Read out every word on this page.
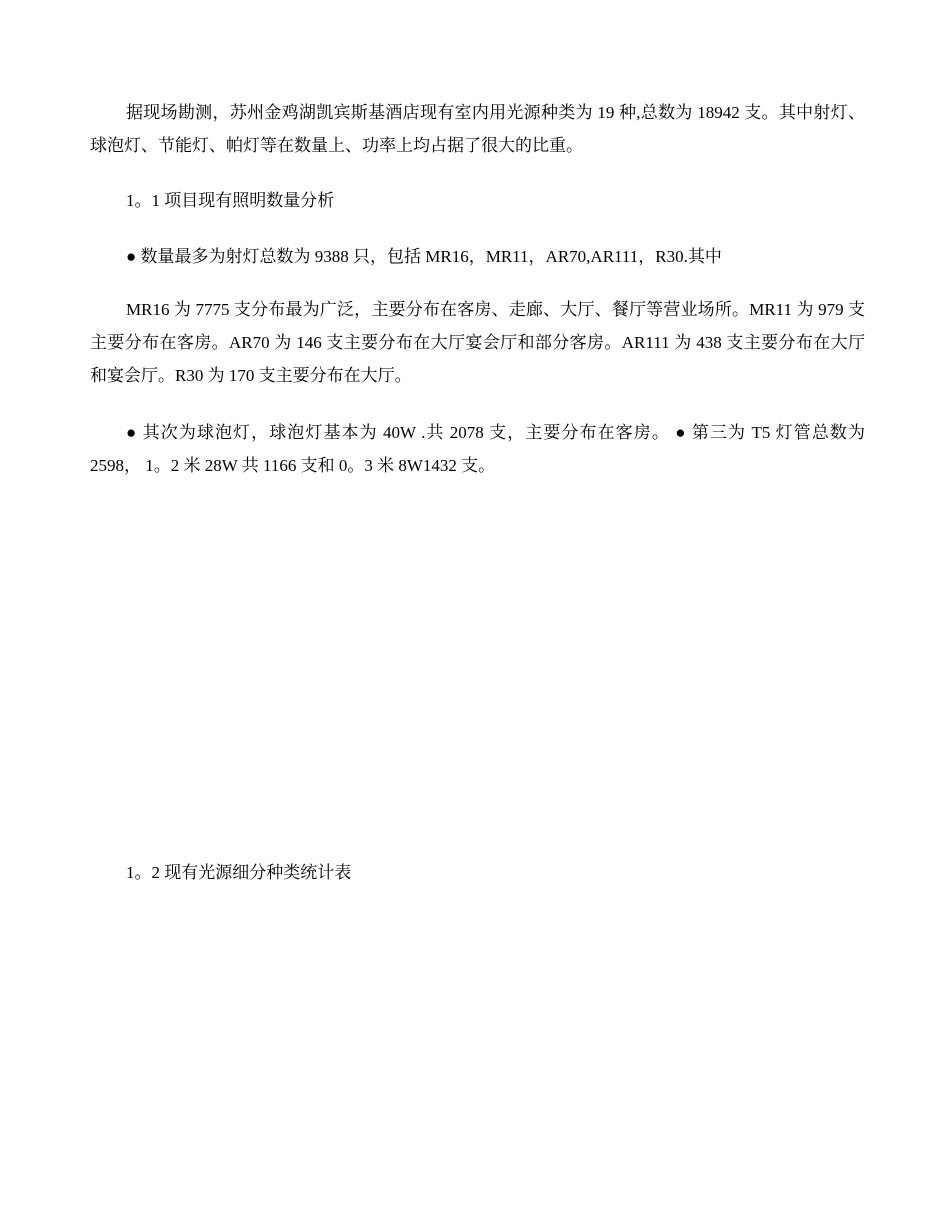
据现场勘测，苏州金鸡湖凯宾斯基酒店现有室内用光源种类为 19 种,总数为 18942 支。其中射灯、球泡灯、节能灯、帕灯等在数量上、功率上均占据了很大的比重。

1。1 项目现有照明数量分析

● 数量最多为射灯总数为 9388 只，包括 MR16，MR11，AR70,AR111，R30.其中

MR16 为 7775 支分布最为广泛，主要分布在客房、走廊、大厅、餐厅等营业场所。MR11 为 979 支主要分布在客房。AR70 为 146 支主要分布在大厅宴会厅和部分客房。AR111 为 438 支主要分布在大厅和宴会厅。R30 为 170 支主要分布在大厅。

● 其次为球泡灯，球泡灯基本为 40W .共 2078 支，主要分布在客房。 ● 第三为 T5 灯管总数为 2598， 1。2 米 28W 共 1166 支和 0。3 米 8W1432 支。

1。2 现有光源细分种类统计表
